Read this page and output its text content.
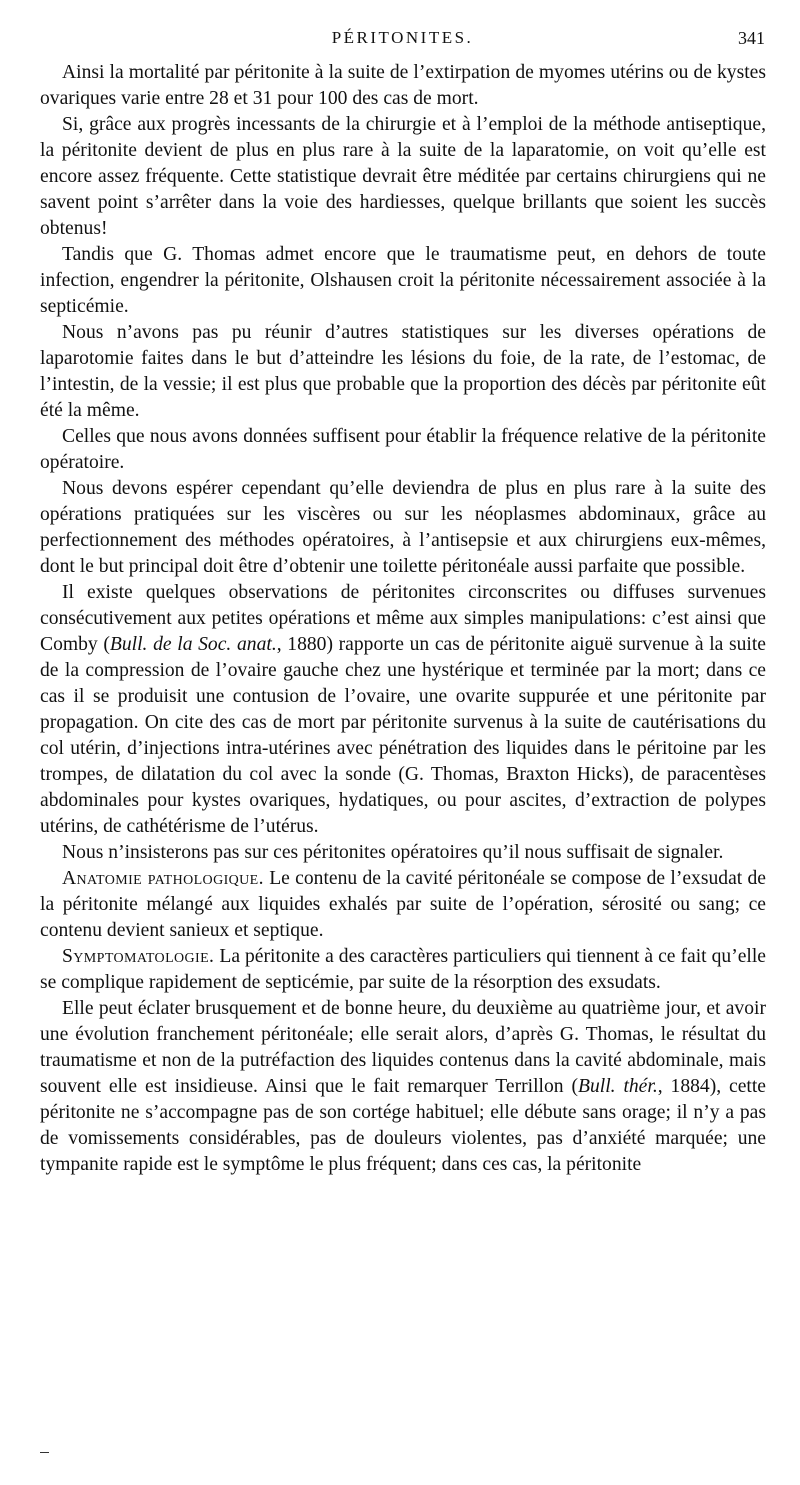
PÉRITONITES.	341

Ainsi la mortalité par péritonite à la suite de l’extirpation de myomes utérins ou de kystes ovariques varie entre 28 et 31 pour 100 des cas de mort.

Si, grâce aux progrès incessants de la chirurgie et à l’emploi de la méthode antiseptique, la péritonite devient de plus en plus rare à la suite de la laparatomie, on voit qu’elle est encore assez fréquente. Cette statistique devrait être méditée par certains chirurgiens qui ne savent point s’arrêter dans la voie des hardiesses, quelque brillants que soient les succès obtenus!

Tandis que G. Thomas admet encore que le traumatisme peut, en dehors de toute infection, engendrer la péritonite, Olshausen croit la péritonite nécessairement associée à la septicémie.

Nous n’avons pas pu réunir d’autres statistiques sur les diverses opérations de laparotomie faites dans le but d’atteindre les lésions du foie, de la rate, de l’estomac, de l’intestin, de la vessie; il est plus que probable que la proportion des décès par péritonite eût été la même.

Celles que nous avons données suffisent pour établir la fréquence relative de la péritonite opératoire.

Nous devons espérer cependant qu’elle deviendra de plus en plus rare à la suite des opérations pratiquées sur les viscères ou sur les néoplasmes abdominaux, grâce au perfectionnement des méthodes opératoires, à l’antisepsie et aux chirurgiens eux-mêmes, dont le but principal doit être d’obtenir une toilette péritonéale aussi parfaite que possible.

Il existe quelques observations de péritonites circonscrites ou diffuses survenues consécutivement aux petites opérations et même aux simples manipulations: c’est ainsi que Comby (Bull. de la Soc. anat., 1880) rapporte un cas de péritonite aiguë survenue à la suite de la compression de l’ovaire gauche chez une hystérique et terminée par la mort; dans ce cas il se produisit une contusion de l’ovaire, une ovarite suppurée et une péritonite par propagation. On cite des cas de mort par péritonite survenus à la suite de cautérisations du col utérin, d’injections intra-utérines avec pénétration des liquides dans le péritoine par les trompes, de dilatation du col avec la sonde (G. Thomas, Braxton Hicks), de paracentèses abdominales pour kystes ovariques, hydatiques, ou pour ascites, d’extraction de polypes utérins, de cathétérisme de l’utérus.

Nous n’insisterons pas sur ces péritonites opératoires qu’il nous suffisait de signaler.

Anatomie pathologique. Le contenu de la cavité péritonéale se compose de l’exsudat de la péritonite mélangé aux liquides exhalés par suite de l’opération, sérosité ou sang; ce contenu devient sanieux et septique.

Symptomatologie. La péritonite a des caractères particuliers qui tiennent à ce fait qu’elle se complique rapidement de septicémie, par suite de la résorption des exsudats.

Elle peut éclater brusquement et de bonne heure, du deuxième au quatrième jour, et avoir une évolution franchement péritonéale; elle serait alors, d’après G. Thomas, le résultat du traumatisme et non de la putréfaction des liquides contenus dans la cavité abdominale, mais souvent elle est insidieuse. Ainsi que le fait remarquer Terrillon (Bull. thér., 1884), cette péritonite ne s’accompagne pas de son cortége habituel; elle débute sans orage; il n’y a pas de vomissements considérables, pas de douleurs violentes, pas d’anxiété marquée; une tympanite rapide est le symptôme le plus fréquent; dans ces cas, la péritonite
